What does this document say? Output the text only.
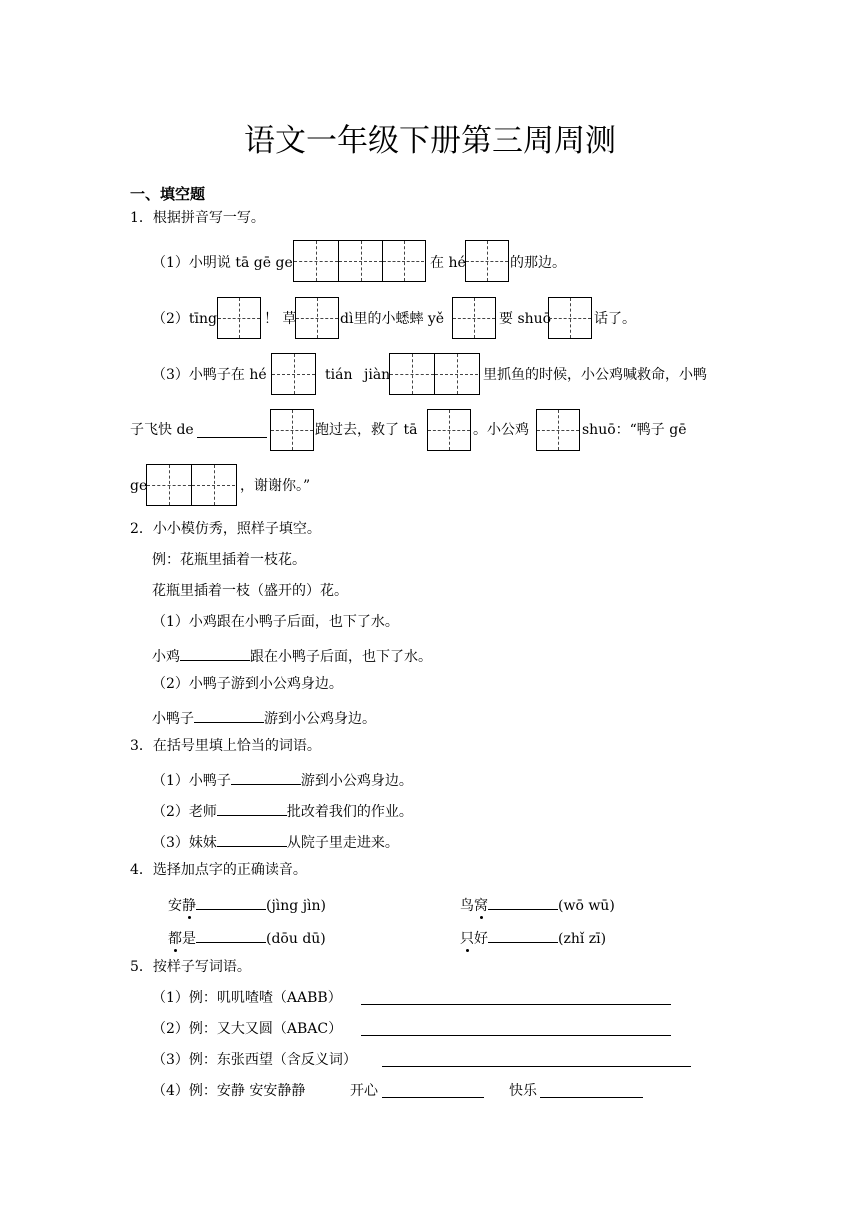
语文一年级下册第三周周测
一、填空题
1．根据拼音写一写。
（1）小明说 tā gē ge	在 hé	的那边。
（2）tīng	！ 草	dì里的小蟋蟀 yě	要 shuō	话了。
（3）小鸭子在 hé	tián jiàn	里抓鱼的时候，小公鸡喊救命，小鸭
子飞快 de	跑过去，救了 tā	。小公鸡	shuō：“鸭子 gē
ge	，谢谢你。”
2．小小模仿秀，照样子填空。
例：花瓶里插着一枝花。
花瓶里插着一枝（盛开的）花。
（1）小鸡跟在小鸭子后面，也下了水。
小鸡	跟在小鸭子后面，也下了水。
（2）小鸭子游到小公鸡身边。
小鸭子	游到小公鸡身边。
3．在括号里填上恰当的词语。
（1）小鸭子	游到小公鸡身边。
（2）老师	批改着我们的作业。
（3）妹妹	从院子里走进来。
4．选择加点字的正确读音。
安静	(jìng jìn)	鸟窝	(wō wū)
都是	(dōu dū)	只好	(zhǐ zī)
5．按样子写词语。
（1）例：叽叽喳喳（AABB）
（2）例：又大又圆（ABAC）
（3）例：东张西望（含反义词）
（4）例：安静 安安静静	开心	快乐
